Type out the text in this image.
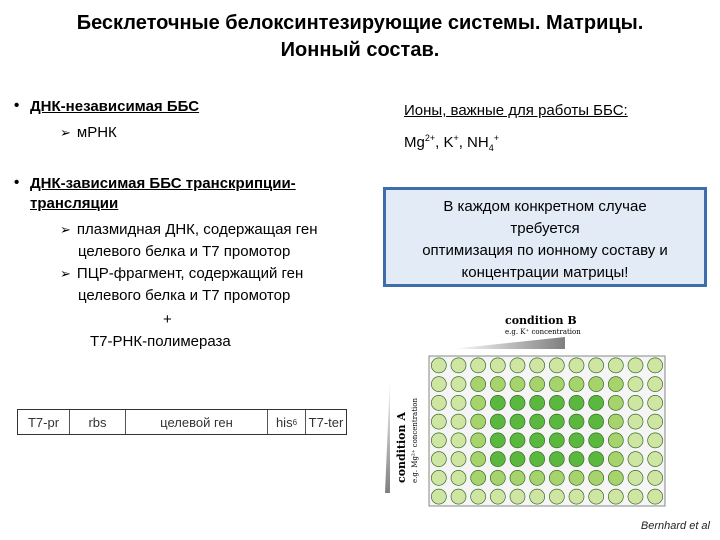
Бесклеточные белоксинтезирующие системы. Матрицы.
Ионный состав.
• ДНК-независимая ББС
➢ мРНК
• ДНК-зависимая ББС транскрипции-
трансляции
➢ плазмидная ДНК, содержащая ген
целевого белка и Т7 промотор
➢ ПЦР-фрагмент, содержащий ген
целевого белка и Т7 промотор
+
Т7-РНК-полимераза
Ионы, важные для работы ББС:
$Mg^{2+}$, K+, $NH_4^+$
В каждом конкретном случае
требуется
оптимизация по ионному составу и
концентрации матрицы!
T7-pr	rbs	целевой ген	his 6 T7-ter
condition B
e.g. K⁺ concentration
condition A e.g. Mg²⁺ concentration
Bernhard et al
